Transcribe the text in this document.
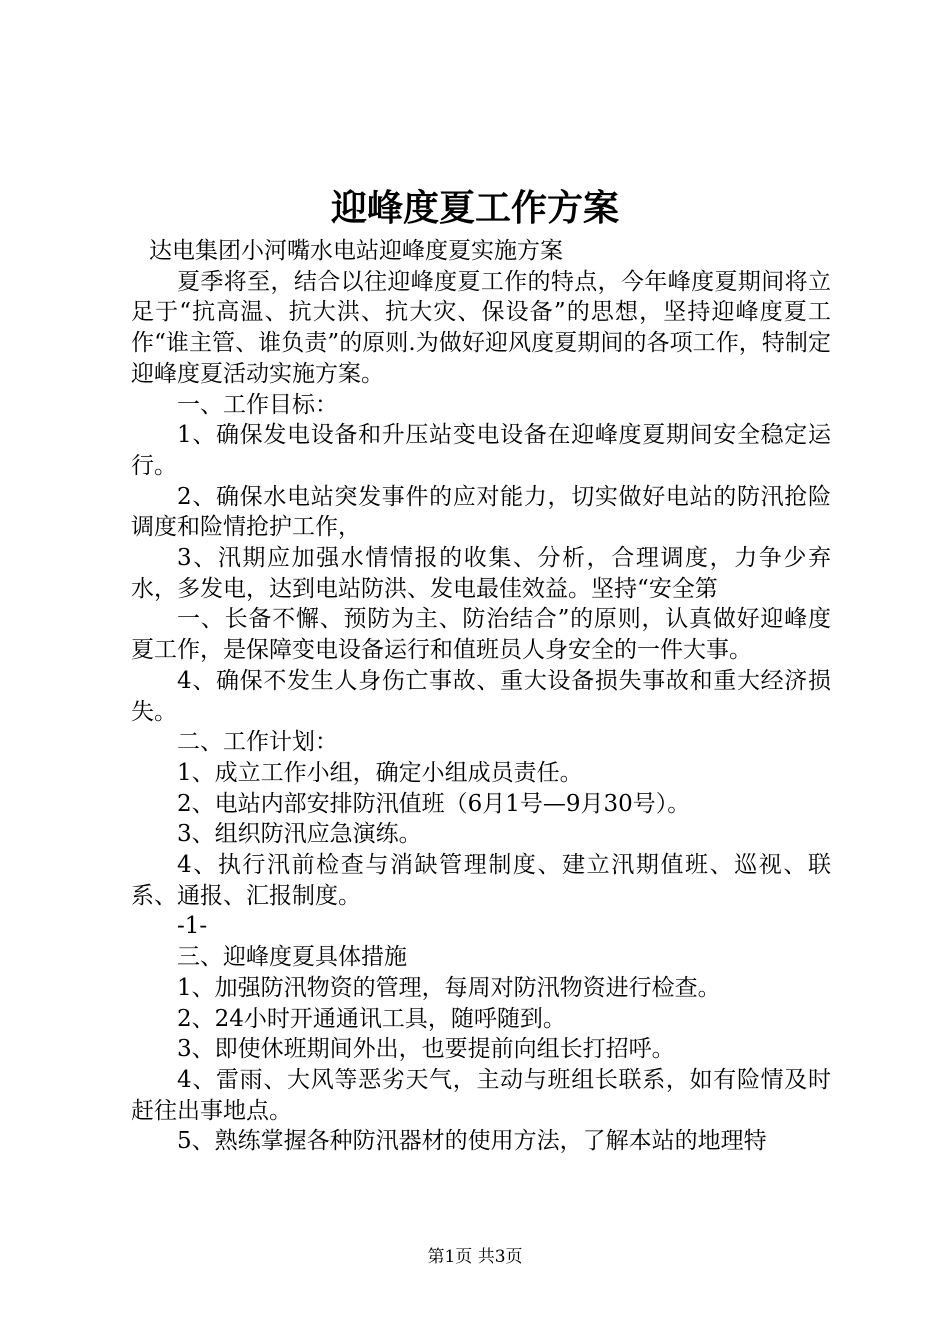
迎峰度夏工作方案

达电集团小河嘴水电站迎峰度夏实施方案

夏季将至，结合以往迎峰度夏工作的特点，今年峰度夏期间将立足于“抗高温、抗大洪、抗大灾、保设备”的思想，坚持迎峰度夏工作“谁主管、谁负责”的原则.为做好迎风度夏期间的各项工作，特制定迎峰度夏活动实施方案。

一、工作目标：

1、确保发电设备和升压站变电设备在迎峰度夏期间安全稳定运行。

2、确保水电站突发事件的应对能力，切实做好电站的防汛抢险调度和险情抢护工作，

3、汛期应加强水情情报的收集、分析，合理调度，力争少弃水，多发电，达到电站防洪、发电最佳效益。坚持“安全第

一、长备不懈、预防为主、防治结合”的原则，认真做好迎峰度夏工作，是保障变电设备运行和值班员人身安全的一件大事。

4、确保不发生人身伤亡事故、重大设备损失事故和重大经济损失。

二、工作计划：

1、成立工作小组，确定小组成员责任。

2、电站内部安排防汛值班（6月1号—9月30号）。

3、组织防汛应急演练。

4、执行汛前检查与消缺管理制度、建立汛期值班、巡视、联系、通报、汇报制度。

-1-

三、迎峰度夏具体措施

1、加强防汛物资的管理，每周对防汛物资进行检查。

2、24小时开通通讯工具，随呼随到。

3、即使休班期间外出，也要提前向组长打招呼。

4、雷雨、大风等恶劣天气，主动与班组长联系，如有险情及时赶往出事地点。

5、熟练掌握各种防汛器材的使用方法，了解本站的地理特

第1页 共3页
